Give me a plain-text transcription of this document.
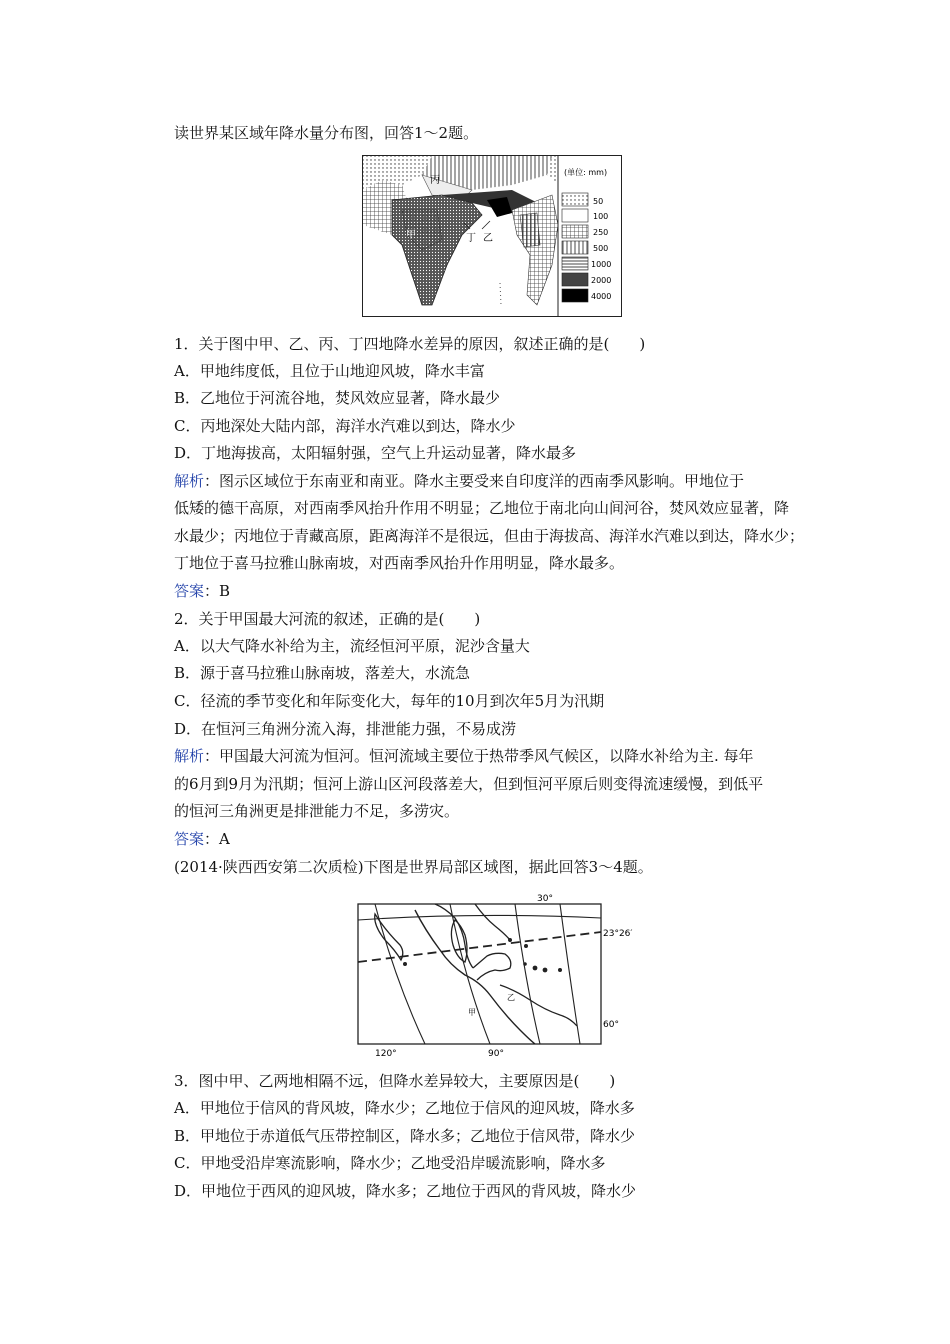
读世界某区域年降水量分布图，回答1～2题。
丙
甲	丁 乙
(单位: mm)
50
100
250
500
1000
2000
4000
1．关于图中甲、乙、丙、丁四地降水差异的原因，叙述正确的是(　　)
A．甲地纬度低，且位于山地迎风坡，降水丰富
B．乙地位于河流谷地，焚风效应显著，降水最少
C．丙地深处大陆内部，海洋水汽难以到达，降水少
D．丁地海拔高，太阳辐射强，空气上升运动显著，降水最多
解析：图示区域位于东南亚和南亚。降水主要受来自印度洋的西南季风影响。甲地位于
低矮的德干高原，对西南季风抬升作用不明显；乙地位于南北向山间河谷，焚风效应显著，降
水最少；丙地位于青藏高原，距离海洋不是很远，但由于海拔高、海洋水汽难以到达，降水少；
丁地位于喜马拉雅山脉南坡，对西南季风抬升作用明显，降水最多。
答案：B
2．关于甲国最大河流的叙述，正确的是(　　)
A．以大气降水补给为主，流经恒河平原，泥沙含量大
B．源于喜马拉雅山脉南坡，落差大，水流急
C．径流的季节变化和年际变化大，每年的10月到次年5月为汛期
D．在恒河三角洲分流入海，排泄能力强，不易成涝
解析：甲国最大河流为恒河。恒河流域主要位于热带季风气候区，以降水补给为主. 每年
的6月到9月为汛期；恒河上游山区河段落差大，但到恒河平原后则变得流速缓慢，到低平
的恒河三角洲更是排泄能力不足，多涝灾。
答案：A
(2014·陕西西安第二次质检)下图是世界局部区域图，据此回答3～4题。
30°
23°26′
60°
120°	90°
乙
甲
3．图中甲、乙两地相隔不远，但降水差异较大，主要原因是(　　)
A．甲地位于信风的背风坡，降水少；乙地位于信风的迎风坡，降水多
B．甲地位于赤道低气压带控制区，降水多；乙地位于信风带，降水少
C．甲地受沿岸寒流影响，降水少；乙地受沿岸暖流影响，降水多
D．甲地位于西风的迎风坡，降水多；乙地位于西风的背风坡，降水少
